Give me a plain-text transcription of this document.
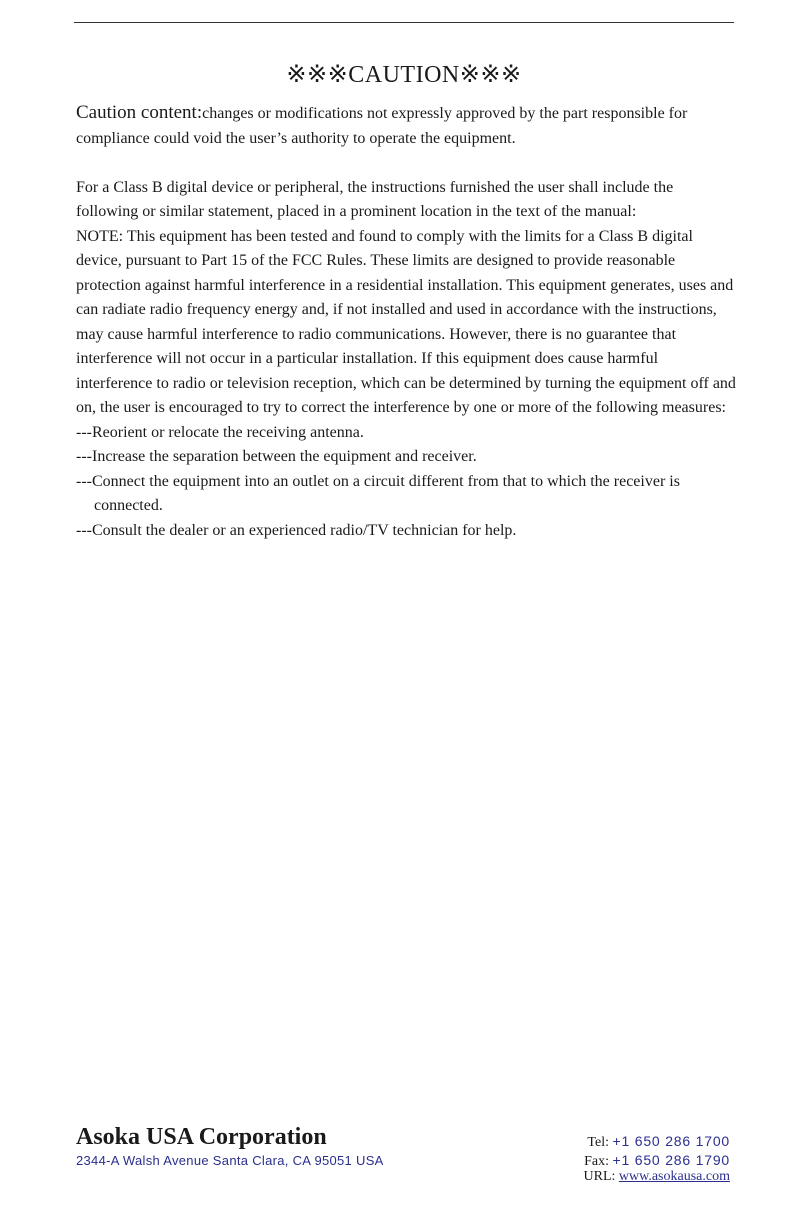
※※※CAUTION※※※

Caution content:changes or modifications not expressly approved by the part responsible for compliance could void the user’s authority to operate the equipment.

For a Class B digital device or peripheral, the instructions furnished the user shall include the following or similar statement, placed in a prominent location in the text of the manual:

NOTE: This equipment has been tested and found to comply with the limits for a Class B digital device, pursuant to Part 15 of the FCC Rules. These limits are designed to provide reasonable protection against harmful interference in a residential installation. This equipment generates, uses and can radiate radio frequency energy and, if not installed and used in accordance with the instructions, may cause harmful interference to radio communications. However, there is no guarantee that interference will not occur in a particular installation. If this equipment does cause harmful interference to radio or television reception, which can be determined by turning the equipment off and on, the user is encouraged to try to correct the interference by one or more of the following measures:

---Reorient or relocate the receiving antenna.

---Increase the separation between the equipment and receiver.

---Connect the equipment into an outlet on a circuit different from that to which the receiver is connected.

---Consult the dealer or an experienced radio/TV technician for help.

Asoka USA Corporation
2344-A Walsh Avenue Santa Clara, CA 95051 USA
Tel: +1 650 286 1700
Fax: +1 650 286 1790
URL: www.asokausa.com
